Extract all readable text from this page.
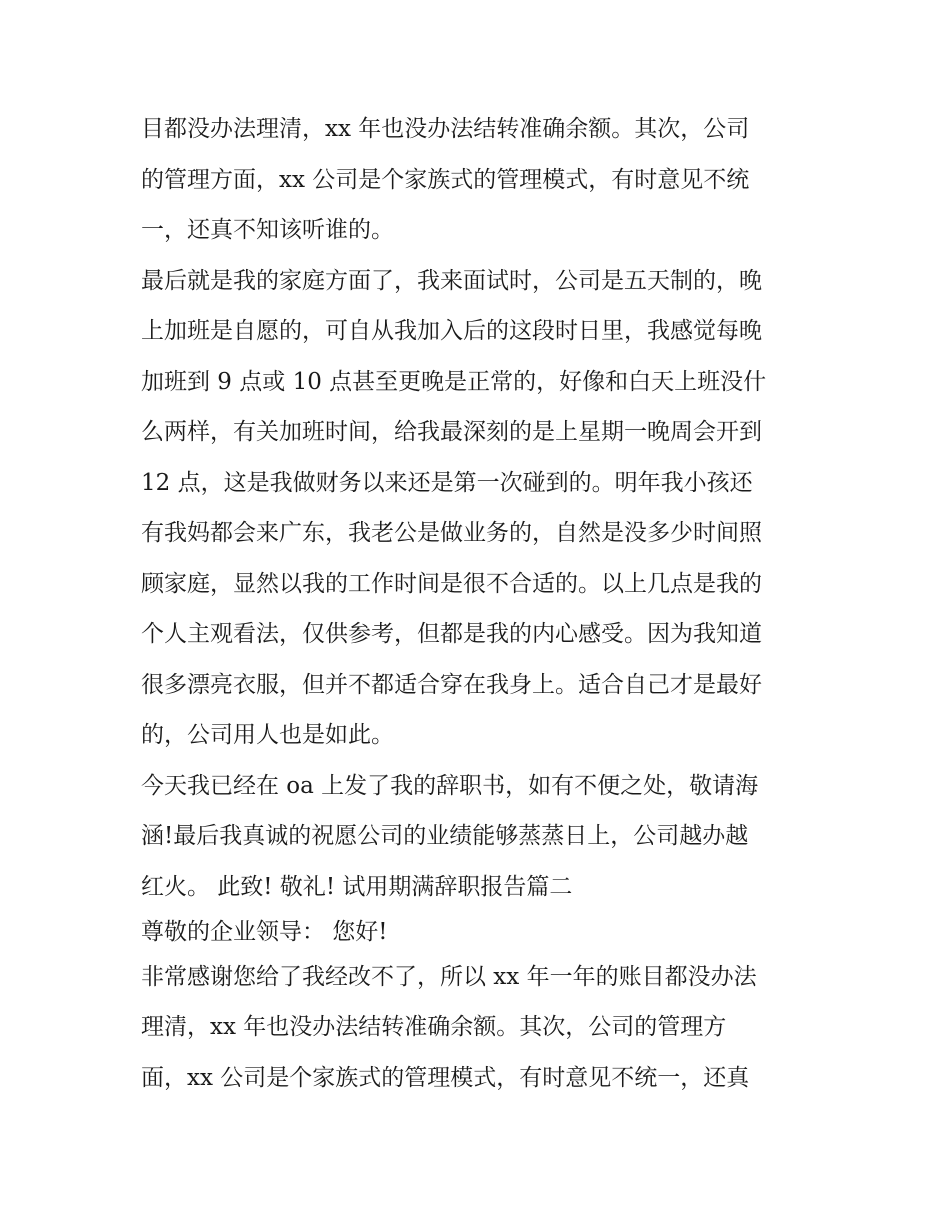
目都没办法理清，xx 年也没办法结转准确余额。其次，公司
的管理方面，xx 公司是个家族式的管理模式，有时意见不统
一，还真不知该听谁的。
最后就是我的家庭方面了，我来面试时，公司是五天制的，晚
上加班是自愿的，可自从我加入后的这段时日里，我感觉每晚
加班到 9 点或 10 点甚至更晚是正常的，好像和白天上班没什
么两样，有关加班时间，给我最深刻的是上星期一晚周会开到
12 点，这是我做财务以来还是第一次碰到的。明年我小孩还
有我妈都会来广东，我老公是做业务的，自然是没多少时间照
顾家庭，显然以我的工作时间是很不合适的。以上几点是我的
个人主观看法，仅供参考，但都是我的内心感受。因为我知道
很多漂亮衣服，但并不都适合穿在我身上。适合自己才是最好
的，公司用人也是如此。
今天我已经在 oa 上发了我的辞职书，如有不便之处，敬请海
涵!最后我真诚的祝愿公司的业绩能够蒸蒸日上，公司越办越
红火。 此致! 敬礼! 试用期满辞职报告篇二
尊敬的企业领导： 您好!
非常感谢您给了我经改不了，所以 xx 年一年的账目都没办法
理清，xx 年也没办法结转准确余额。其次，公司的管理方
面，xx 公司是个家族式的管理模式，有时意见不统一，还真
